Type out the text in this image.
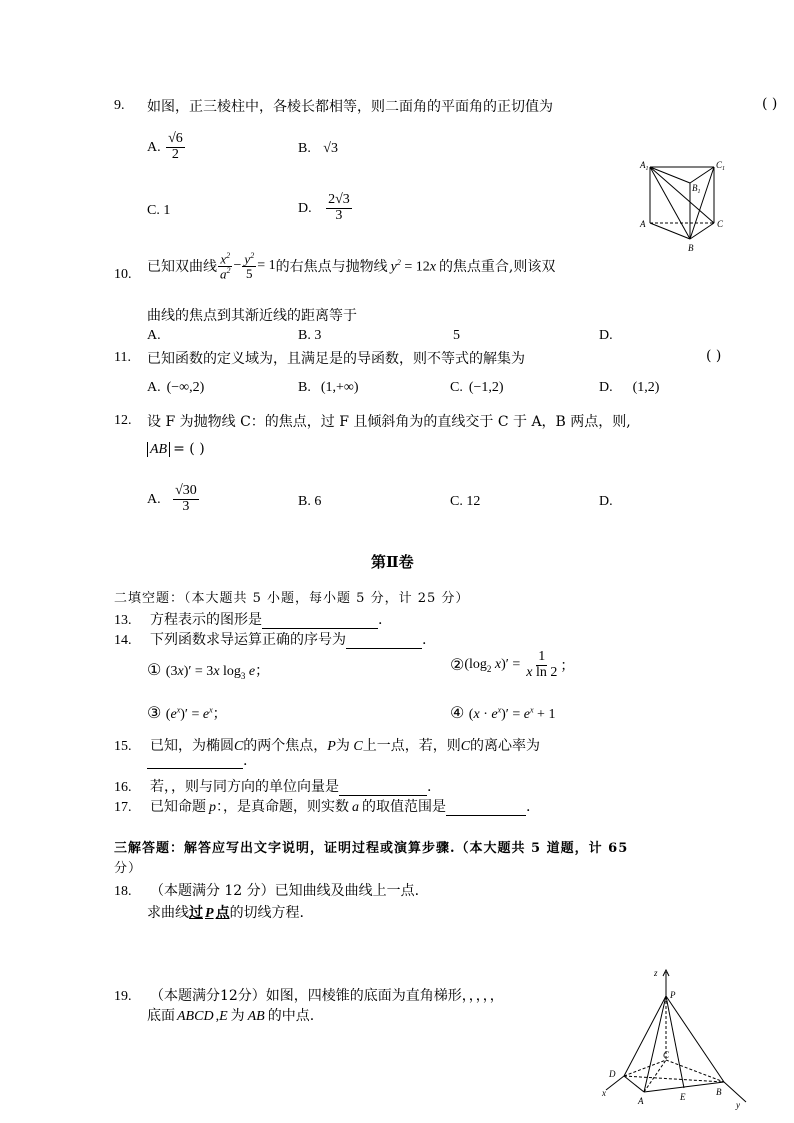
9. 如图，正三棱柱中，各棱长都相等，则二面角的平面角的正切值为	( )
A. $\frac{√6}{2}$	B. √3
C. 1	D. $\frac{2√3}{3}$
$A_1$	$C_1$
$B_1$
A	C
B
10. 已知双曲线 $\frac{x^2}{a^2} - \frac{y^2}{5} = 1$ 的右焦点与抛物线 $y^2 = 12x$ 的焦点重合,则该双
曲线的焦点到其渐近线的距离等于
A.	B. 3	5	D.
11. 已知函数的定义域为，且满足是的导函数，则不等式的解集为	( )
A. (−∞,2)	B. (1,+∞)	C. (−1,2)	D. (1,2)
12. 设 F 为抛物线 C：的焦点，过 F 且倾斜角为的直线交于 C 于 A，B 两点，则,
AB = ( )
A. $\frac{√30}{3}$	B. 6	C. 12	D.
第Ⅱ卷
二填空题：（本大题共 5 小题，每小题 5 分，计 25 分）
13. 方程表示的图形是	.
14. 下列函数求导运算正确的序号为	.
① (3x)′ = 3x $\log_3 e$；	② ($\log_2$ $x)' = \frac{1}{\text{x ln 2}}$ ；
③ $(e^x)' = e^x$；	④ $(x \cdot e^x)' = e^x + 1$
15. 已知，为椭圆C的两个焦点，P为 C上一点，若，则C的离心率为
.
16. 若，，则与同方向的单位向量是	.
17. 已知命题 p：，是真命题，则实数 a 的取值范围是	.
三解答题：解答应写出文字说明，证明过程或演算步骤.（本大题共 5 道题，计 65
分）
18. （本题满分 12 分）已知曲线及曲线上一点.
求曲线过 P 点的切线方程.
19. （本题满分12分）如图，四棱锥的底面为直角梯形，，，，，
底面 ABCD ,E 为 AB 的中点.
z
P
C
D
A	E	B
x
y
